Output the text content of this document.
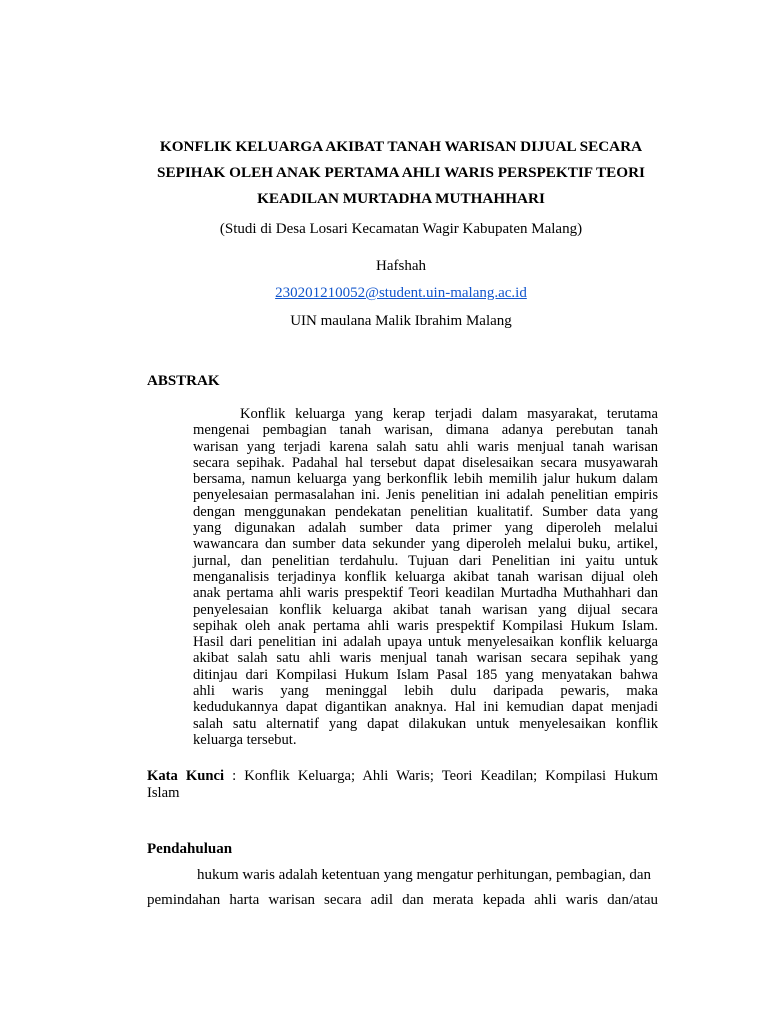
KONFLIK KELUARGA AKIBAT TANAH WARISAN DIJUAL SECARA
SEPIHAK OLEH ANAK PERTAMA AHLI WARIS PERSPEKTIF TEORI
KEADILAN MURTADHA MUTHAHHARI

(Studi di Desa Losari Kecamatan Wagir Kabupaten Malang)

Hafshah

230201210052@student.uin-malang.ac.id

UIN maulana Malik Ibrahim Malang

ABSTRAK
Konflik keluarga yang kerap terjadi dalam masyarakat, terutama
mengenai pembagian tanah warisan, dimana adanya perebutan tanah
warisan yang terjadi karena salah satu ahli waris menjual tanah warisan
secara sepihak. Padahal hal tersebut dapat diselesaikan secara musyawarah
bersama, namun keluarga yang berkonflik lebih memilih jalur hukum dalam
penyelesaian permasalahan ini. Jenis penelitian ini adalah penelitian empiris
dengan menggunakan pendekatan penelitian kualitatif. Sumber data yang
yang digunakan adalah sumber data primer yang diperoleh melalui
wawancara dan sumber data sekunder yang diperoleh melalui buku, artikel,
jurnal, dan penelitian terdahulu. Tujuan dari Penelitian ini yaitu untuk
menganalisis terjadinya konflik keluarga akibat tanah warisan dijual oleh
anak pertama ahli waris prespektif Teori keadilan Murtadha Muthahhari dan
penyelesaian konflik keluarga akibat tanah warisan yang dijual secara
sepihak oleh anak pertama ahli waris prespektif Kompilasi Hukum Islam.
Hasil dari penelitian ini adalah upaya untuk menyelesaikan konflik keluarga
akibat salah satu ahli waris menjual tanah warisan secara sepihak yang
ditinjau dari Kompilasi Hukum Islam Pasal 185 yang menyatakan bahwa
ahli waris yang meninggal lebih dulu daripada pewaris, maka
kedudukannya dapat digantikan anaknya. Hal ini kemudian dapat menjadi
salah satu alternatif yang dapat dilakukan untuk menyelesaikan konflik
keluarga tersebut.
Kata Kunci : Konflik Keluarga; Ahli Waris; Teori Keadilan; Kompilasi Hukum
Islam
Pendahuluan
hukum waris adalah ketentuan yang mengatur perhitungan, pembagian, dan
pemindahan harta warisan secara adil dan merata kepada ahli waris dan/atau
